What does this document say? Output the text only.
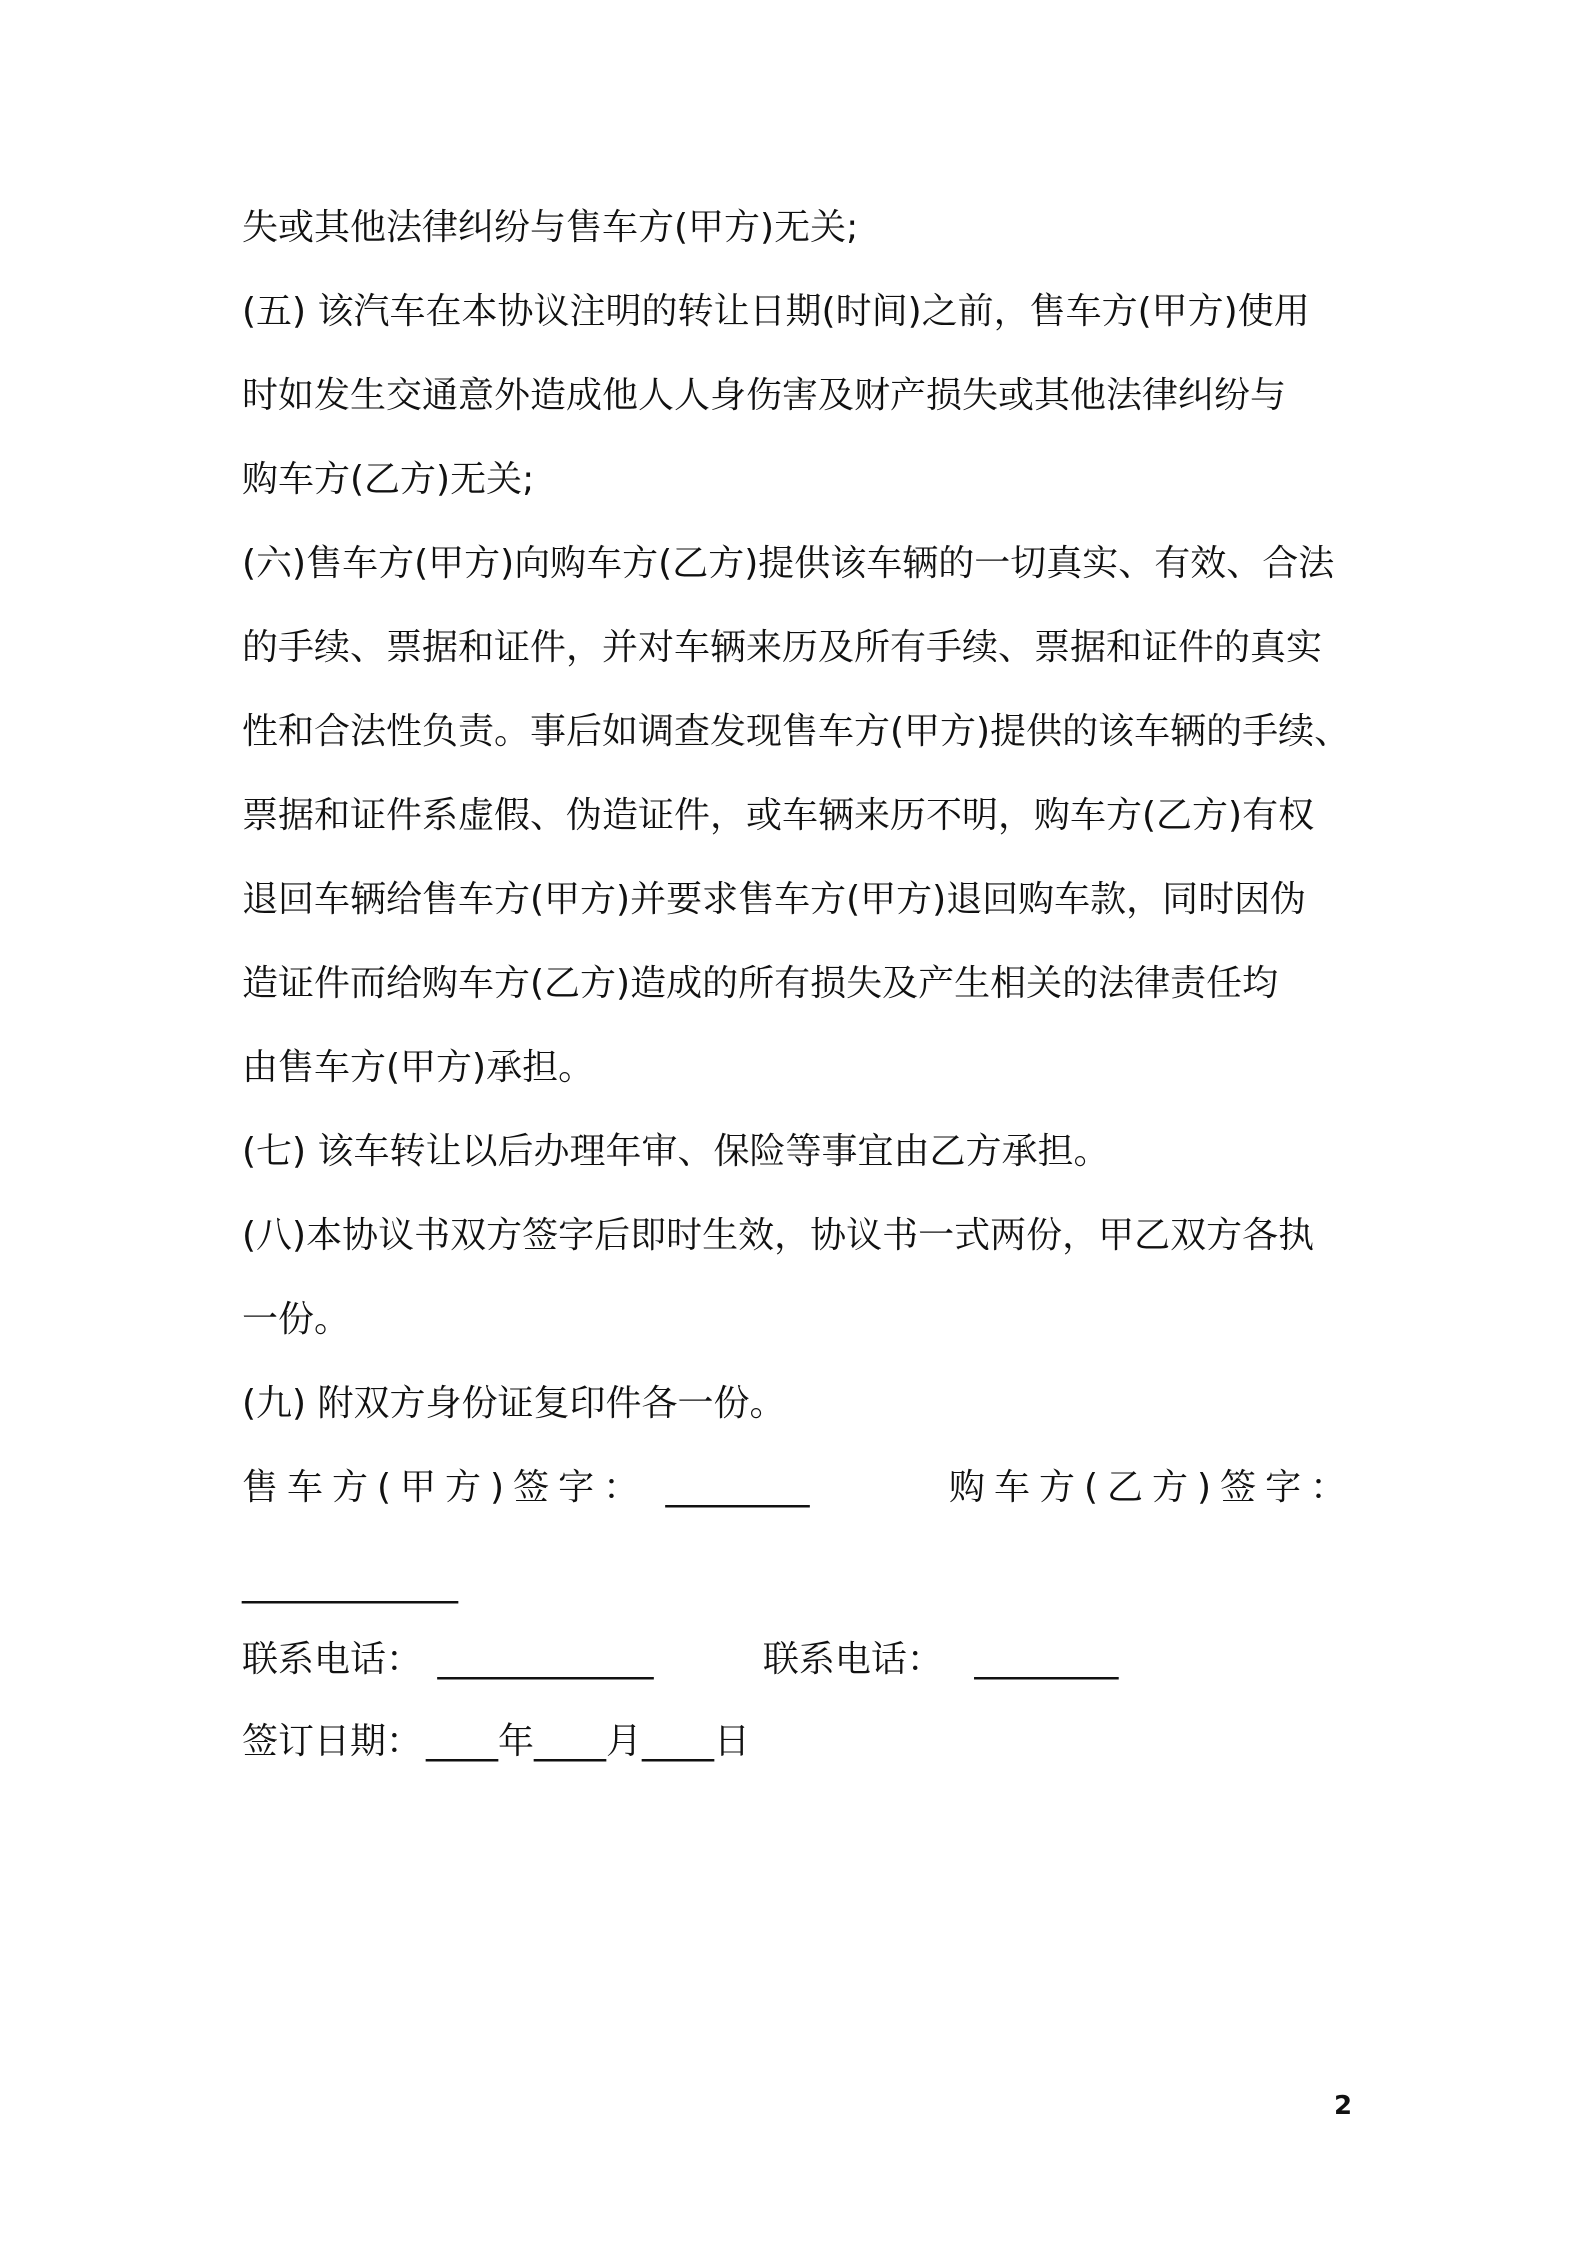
失或其他法律纠纷与售车方(甲方)无关;

(五) 该汽车在本协议注明的转让日期(时间)之前，售车方(甲方)使用

时如发生交通意外造成他人人身伤害及财产损失或其他法律纠纷与

购车方(乙方)无关;

(六)售车方(甲方)向购车方(乙方)提供该车辆的一切真实、有效、合法

的手续、票据和证件，并对车辆来历及所有手续、票据和证件的真实

性和合法性负责。事后如调查发现售车方(甲方)提供的该车辆的手续、

票据和证件系虚假、伪造证件，或车辆来历不明，购车方(乙方)有权

退回车辆给售车方(甲方)并要求售车方(甲方)退回购车款，同时因伪

造证件而给购车方(乙方)造成的所有损失及产生相关的法律责任均

由售车方(甲方)承担。

(七) 该车转让以后办理年审、保险等事宜由乙方承担。

(八)本协议书双方签字后即时生效，协议书一式两份，甲乙双方各执

一份。

(九) 附双方身份证复印件各一份。

售车方(甲方)签字： ________	购车方(乙方)签字：
____________
联系电话： ____________	联系电话： ________
签订日期： ____年____月____日
2
